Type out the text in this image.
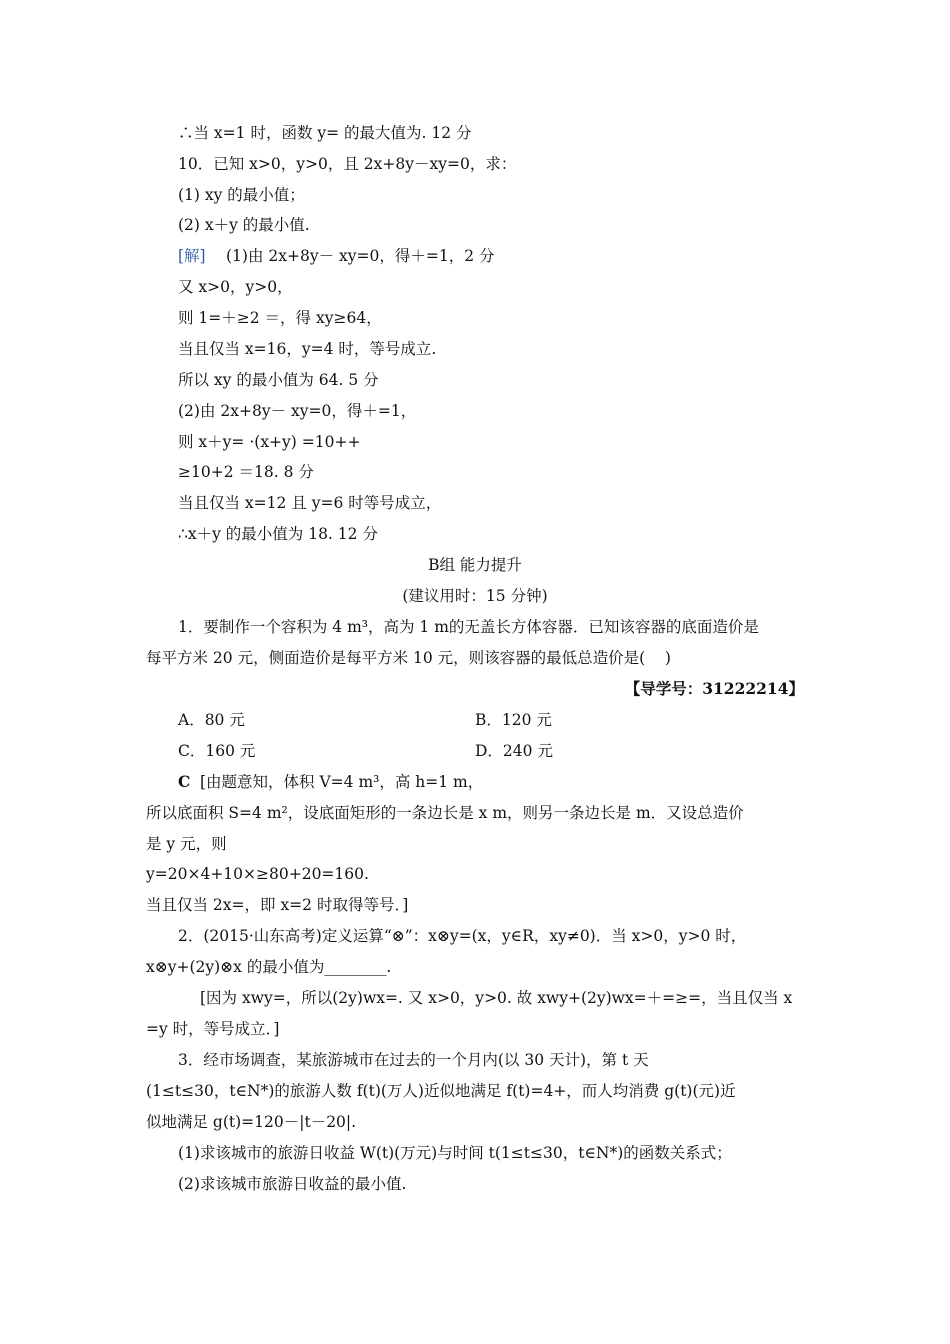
∴当 x=1 时，函数 y= 的最大值为. 12 分
10．已知 x>0，y>0，且 2x+8y－xy=0，求：
(1) xy 的最小值；
(2) x＋y 的最小值.
[解] (1)由 2x+8y－ xy=0，得＋=1，2 分
又 x>0，y>0，
则 1=＋≥2 ＝，得 xy≥64，
当且仅当 x=16，y=4 时，等号成立.
所以 xy 的最小值为 64. 5 分
(2)由 2x+8y－ xy=0，得＋=1，
则 x＋y= ·(x+y) =10++
≥10+2 ＝18. 8 分
当且仅当 x=12 且 y=6 时等号成立，
∴x＋y 的最小值为 18. 12 分
B组 能力提升
(建议用时：15 分钟)
1．要制作一个容积为 4 m³，高为 1 m的无盖长方体容器．已知该容器的底面造价是
每平方米 20 元，侧面造价是每平方米 10 元，则该容器的最低总造价是(    )
【导学号：31222214】
A．80 元	B．120 元
C．160 元	D．240 元
C [由题意知，体积 V=4 m³，高 h=1 m，
所以底面积 S=4 m²，设底面矩形的一条边长是 x m，则另一条边长是 m．又设总造价
是 y 元，则
y=20×4+10×≥80+20=160.
当且仅当 2x=，即 x=2 时取得等号．]
2．(2015·山东高考)定义运算“⊗”：x⊗y=(x，y∈R，xy≠0)．当 x>0，y>0 时，
x⊗y+(2y)⊗x 的最小值为________.
[因为 xwy=，所以(2y)wx=. 又 x>0，y>0. 故 xwy+(2y)wx=＋=≥=，当且仅当 x
=y 时，等号成立．]
3．经市场调查，某旅游城市在过去的一个月内(以 30 天计)，第 t 天
(1≤t≤30，t∈N*)的旅游人数 f(t)(万人)近似地满足 f(t)=4+，而人均消费 g(t)(元)近
似地满足 g(t)=120－|t－20|.
(1)求该城市的旅游日收益 W(t)(万元)与时间 t(1≤t≤30，t∈N*)的函数关系式；
(2)求该城市旅游日收益的最小值.
